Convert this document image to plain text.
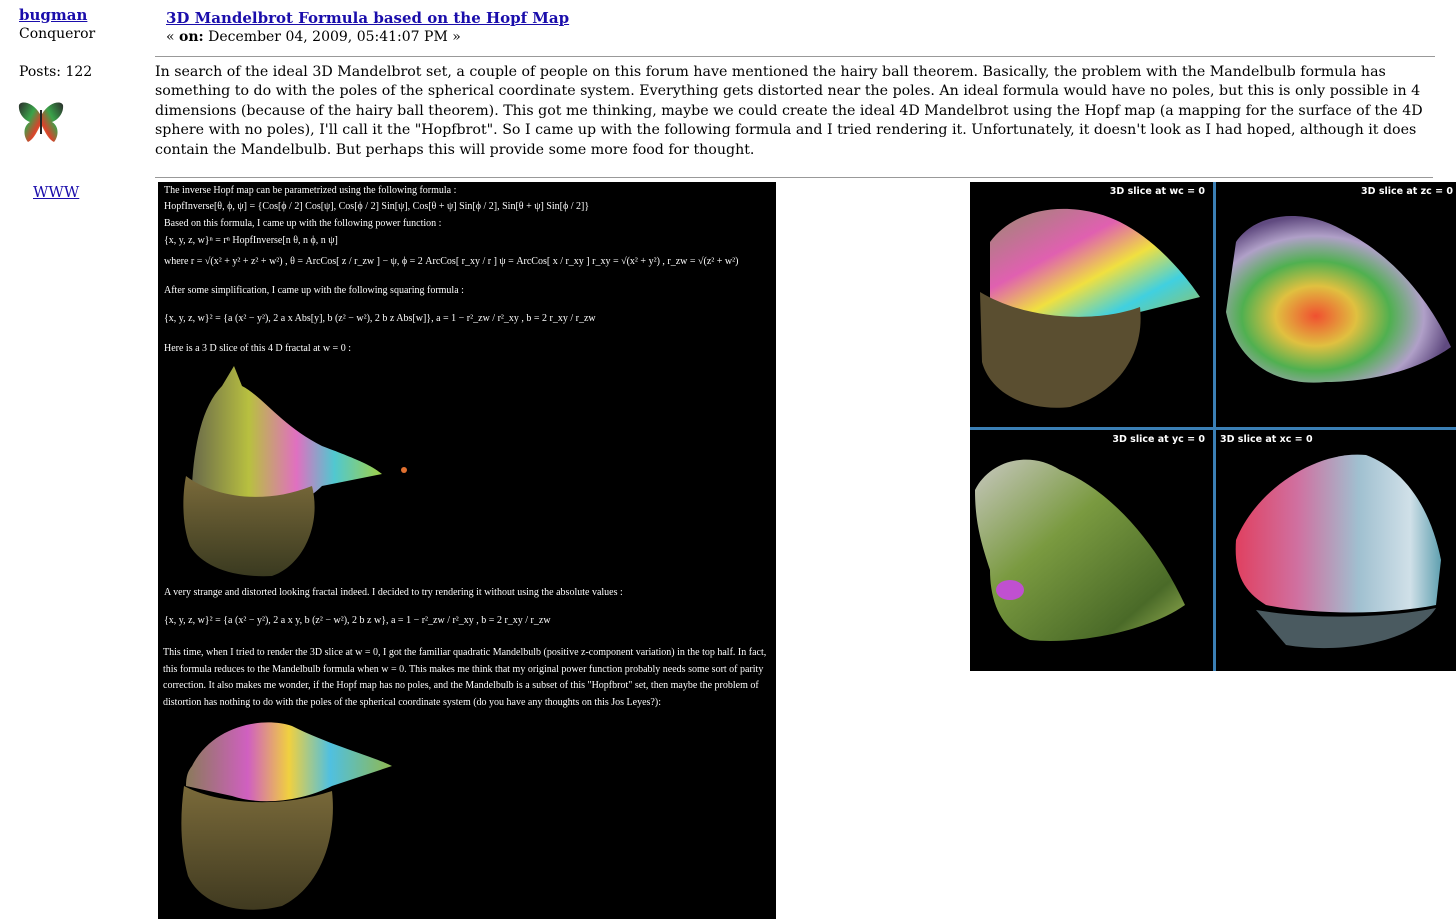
bugman
Conqueror
Posts: 122
WWW
3D Mandelbrot Formula based on the Hopf Map
« on: December 04, 2009, 05:41:07 PM »
In search of the ideal 3D Mandelbrot set, a couple of people on this forum have mentioned the hairy ball theorem. Basically, the problem with the Mandelbulb formula has something to do with the poles of the spherical coordinate system. Everything gets distorted near the poles. An ideal formula would have no poles, but this is only possible in 4 dimensions (because of the hairy ball theorem). This got me thinking, maybe we could create the ideal 4D Mandelbrot using the Hopf map (a mapping for the surface of the 4D sphere with no poles), I'll call it the "Hopfbrot". So I came up with the following formula and I tried rendering it. Unfortunately, it doesn't look as I had hoped, although it does contain the Mandelbulb. But perhaps this will provide some more food for thought.
The inverse Hopf map can be parametrized using the following formula :
HopfInverse[θ, ϕ, ψ] = {Cos[ϕ / 2] Cos[ψ], Cos[ϕ / 2] Sin[ψ], Cos[θ + ψ] Sin[ϕ / 2], Sin[θ + ψ] Sin[ϕ / 2]}
Based on this formula, I came up with the following power function :
{x, y, z, w}ⁿ = rⁿ HopfInverse[n θ, n ϕ, n ψ]
where r = √(x² + y² + z² + w²) , θ = ArcCos[ z / r_zw ] − ψ, ϕ = 2 ArcCos[ r_xy / r ] ψ = ArcCos[ x / r_xy ] r_xy = √(x² + y²) , r_zw = √(z² + w²)
After some simplification, I came up with the following squaring formula :
{x, y, z, w}² = {a (x² − y²), 2 a x Abs[y], b (z² − w²), 2 b z Abs[w]}, a = 1 − r²_zw / r²_xy , b = 2 r_xy / r_zw
Here is a 3 D slice of this 4 D fractal at w = 0 :
A very strange and distorted looking fractal indeed. I decided to try rendering it without using the absolute values :
{x, y, z, w}² = {a (x² − y²), 2 a x y, b (z² − w²), 2 b z w}, a = 1 − r²_zw / r²_xy , b = 2 r_xy / r_zw
This time, when I tried to render the 3D slice at w = 0, I got the familiar quadratic Mandelbulb (positive z-component variation) in the top half. In fact, this formula reduces to the Mandelbulb formula when w = 0. This makes me think that my original power function probably needs some sort of parity correction. It also makes me wonder, if the Hopf map has no poles, and the Mandelbulb is a subset of this "Hopfbrot" set, then maybe the problem of distortion has nothing to do with the poles of the spherical coordinate system (do you have any thoughts on this Jos Leyes?):
3D slice at wc = 0	3D slice at zc = 0
3D slice at yc = 0 3D slice at xc = 0
